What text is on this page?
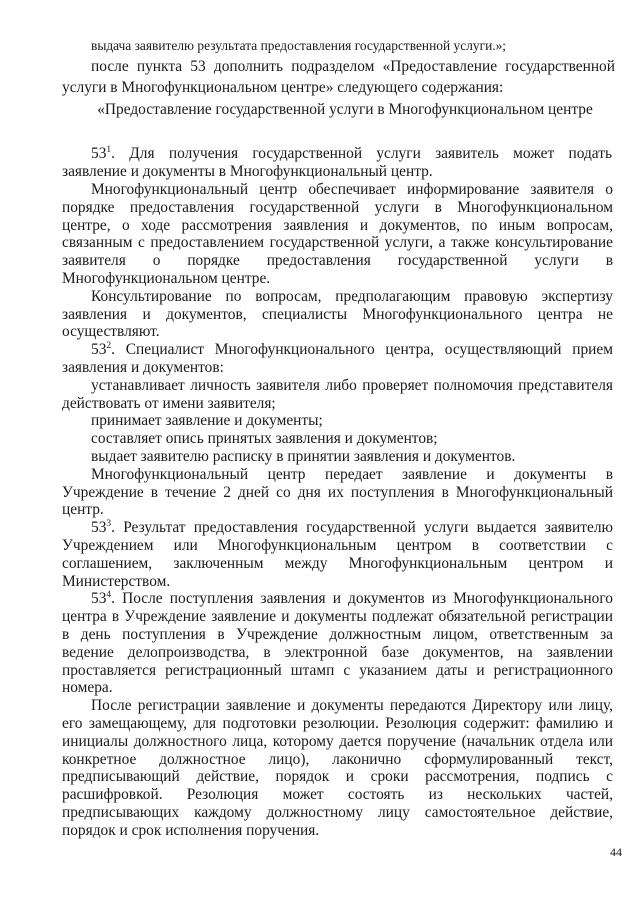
выдача заявителю результата предоставления государственной услуги.»;
после пункта 53 дополнить подразделом «Предоставление государственной
услуги в Многофункциональном центре» следующего содержания:
«Предоставление государственной услуги в Многофункциональном центре
$53^1$. Для получения государственной услуги заявитель может подать
заявление и документы в Многофункциональный центр.
Многофункциональный центр обеспечивает информирование заявителя о
порядке предоставления государственной услуги в Многофункциональном
центре, о ходе рассмотрения заявления и документов, по иным вопросам,
связанным с предоставлением государственной услуги, а также консультирование
заявителя о порядке предоставления государственной услуги в
Многофункциональном центре.
Консультирование по вопросам, предполагающим правовую экспертизу
заявления и документов, специалисты Многофункционального центра не
осуществляют.
$53^2$. Специалист Многофункционального центра, осуществляющий прием
заявления и документов:
устанавливает личность заявителя либо проверяет полномочия представителя
действовать от имени заявителя;
принимает заявление и документы;
составляет опись принятых заявления и документов;
выдает заявителю расписку в принятии заявления и документов.
Многофункциональный центр передает заявление и документы в
Учреждение в течение 2 дней со дня их поступления в Многофункциональный
центр.
$53^3$. Результат предоставления государственной услуги выдается заявителю
Учреждением или Многофункциональным центром в соответствии с
соглашением, заключенным между Многофункциональным центром и
Министерством.
$53^4$. После поступления заявления и документов из Многофункционального
центра в Учреждение заявление и документы подлежат обязательной регистрации
в день поступления в Учреждение должностным лицом, ответственным за
ведение делопроизводства, в электронной базе документов, на заявлении
проставляется регистрационный штамп с указанием даты и регистрационного
номера.
После регистрации заявление и документы передаются Директору или лицу,
его замещающему, для подготовки резолюции. Резолюция содержит: фамилию и
инициалы должностного лица, которому дается поручение (начальник отдела или
конкретное должностное лицо), лаконично сформулированный текст,
предписывающий действие, порядок и сроки рассмотрения, подпись с
расшифровкой. Резолюция может состоять из нескольких частей,
предписывающих каждому должностному лицу самостоятельное действие,
порядок и срок исполнения поручения.
44
